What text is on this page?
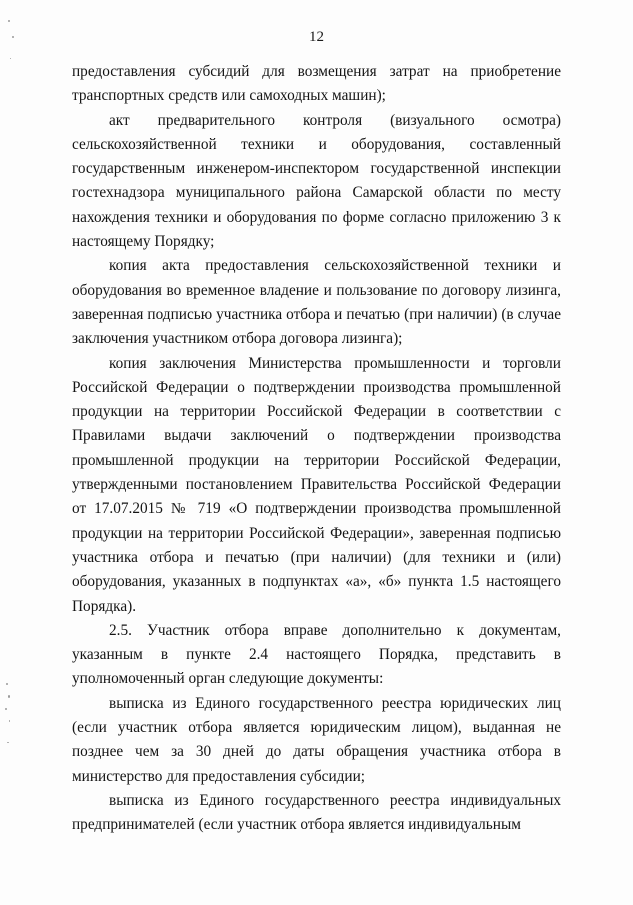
12

предоставления субсидий для возмещения затрат на приобретение транспортных средств или самоходных машин);

акт предварительного контроля (визуального осмотра) сельскохозяйственной техники и оборудования, составленный государственным инженером-инспектором государственной инспекции гостехнадзора муниципального района Самарской области по месту нахождения техники и оборудования по форме согласно приложению 3 к настоящему Порядку;

копия акта предоставления сельскохозяйственной техники и оборудования во временное владение и пользование по договору лизинга, заверенная подписью участника отбора и печатью (при наличии) (в случае заключения участником отбора договора лизинга);

копия заключения Министерства промышленности и торговли Российской Федерации о подтверждении производства промышленной продукции на территории Российской Федерации в соответствии с Правилами выдачи заключений о подтверждении производства промышленной продукции на территории Российской Федерации, утвержденными постановлением Правительства Российской Федерации от 17.07.2015 № 719 «О подтверждении производства промышленной продукции на территории Российской Федерации», заверенная подписью участника отбора и печатью (при наличии) (для техники и (или) оборудования, указанных в подпунктах «а», «б» пункта 1.5 настоящего Порядка).

2.5. Участник отбора вправе дополнительно к документам, указанным в пункте 2.4 настоящего Порядка, представить в уполномоченный орган следующие документы:

выписка из Единого государственного реестра юридических лиц (если участник отбора является юридическим лицом), выданная не позднее чем за 30 дней до даты обращения участника отбора в министерство для предоставления субсидии;

выписка из Единого государственного реестра индивидуальных предпринимателей (если участник отбора является индивидуальным
